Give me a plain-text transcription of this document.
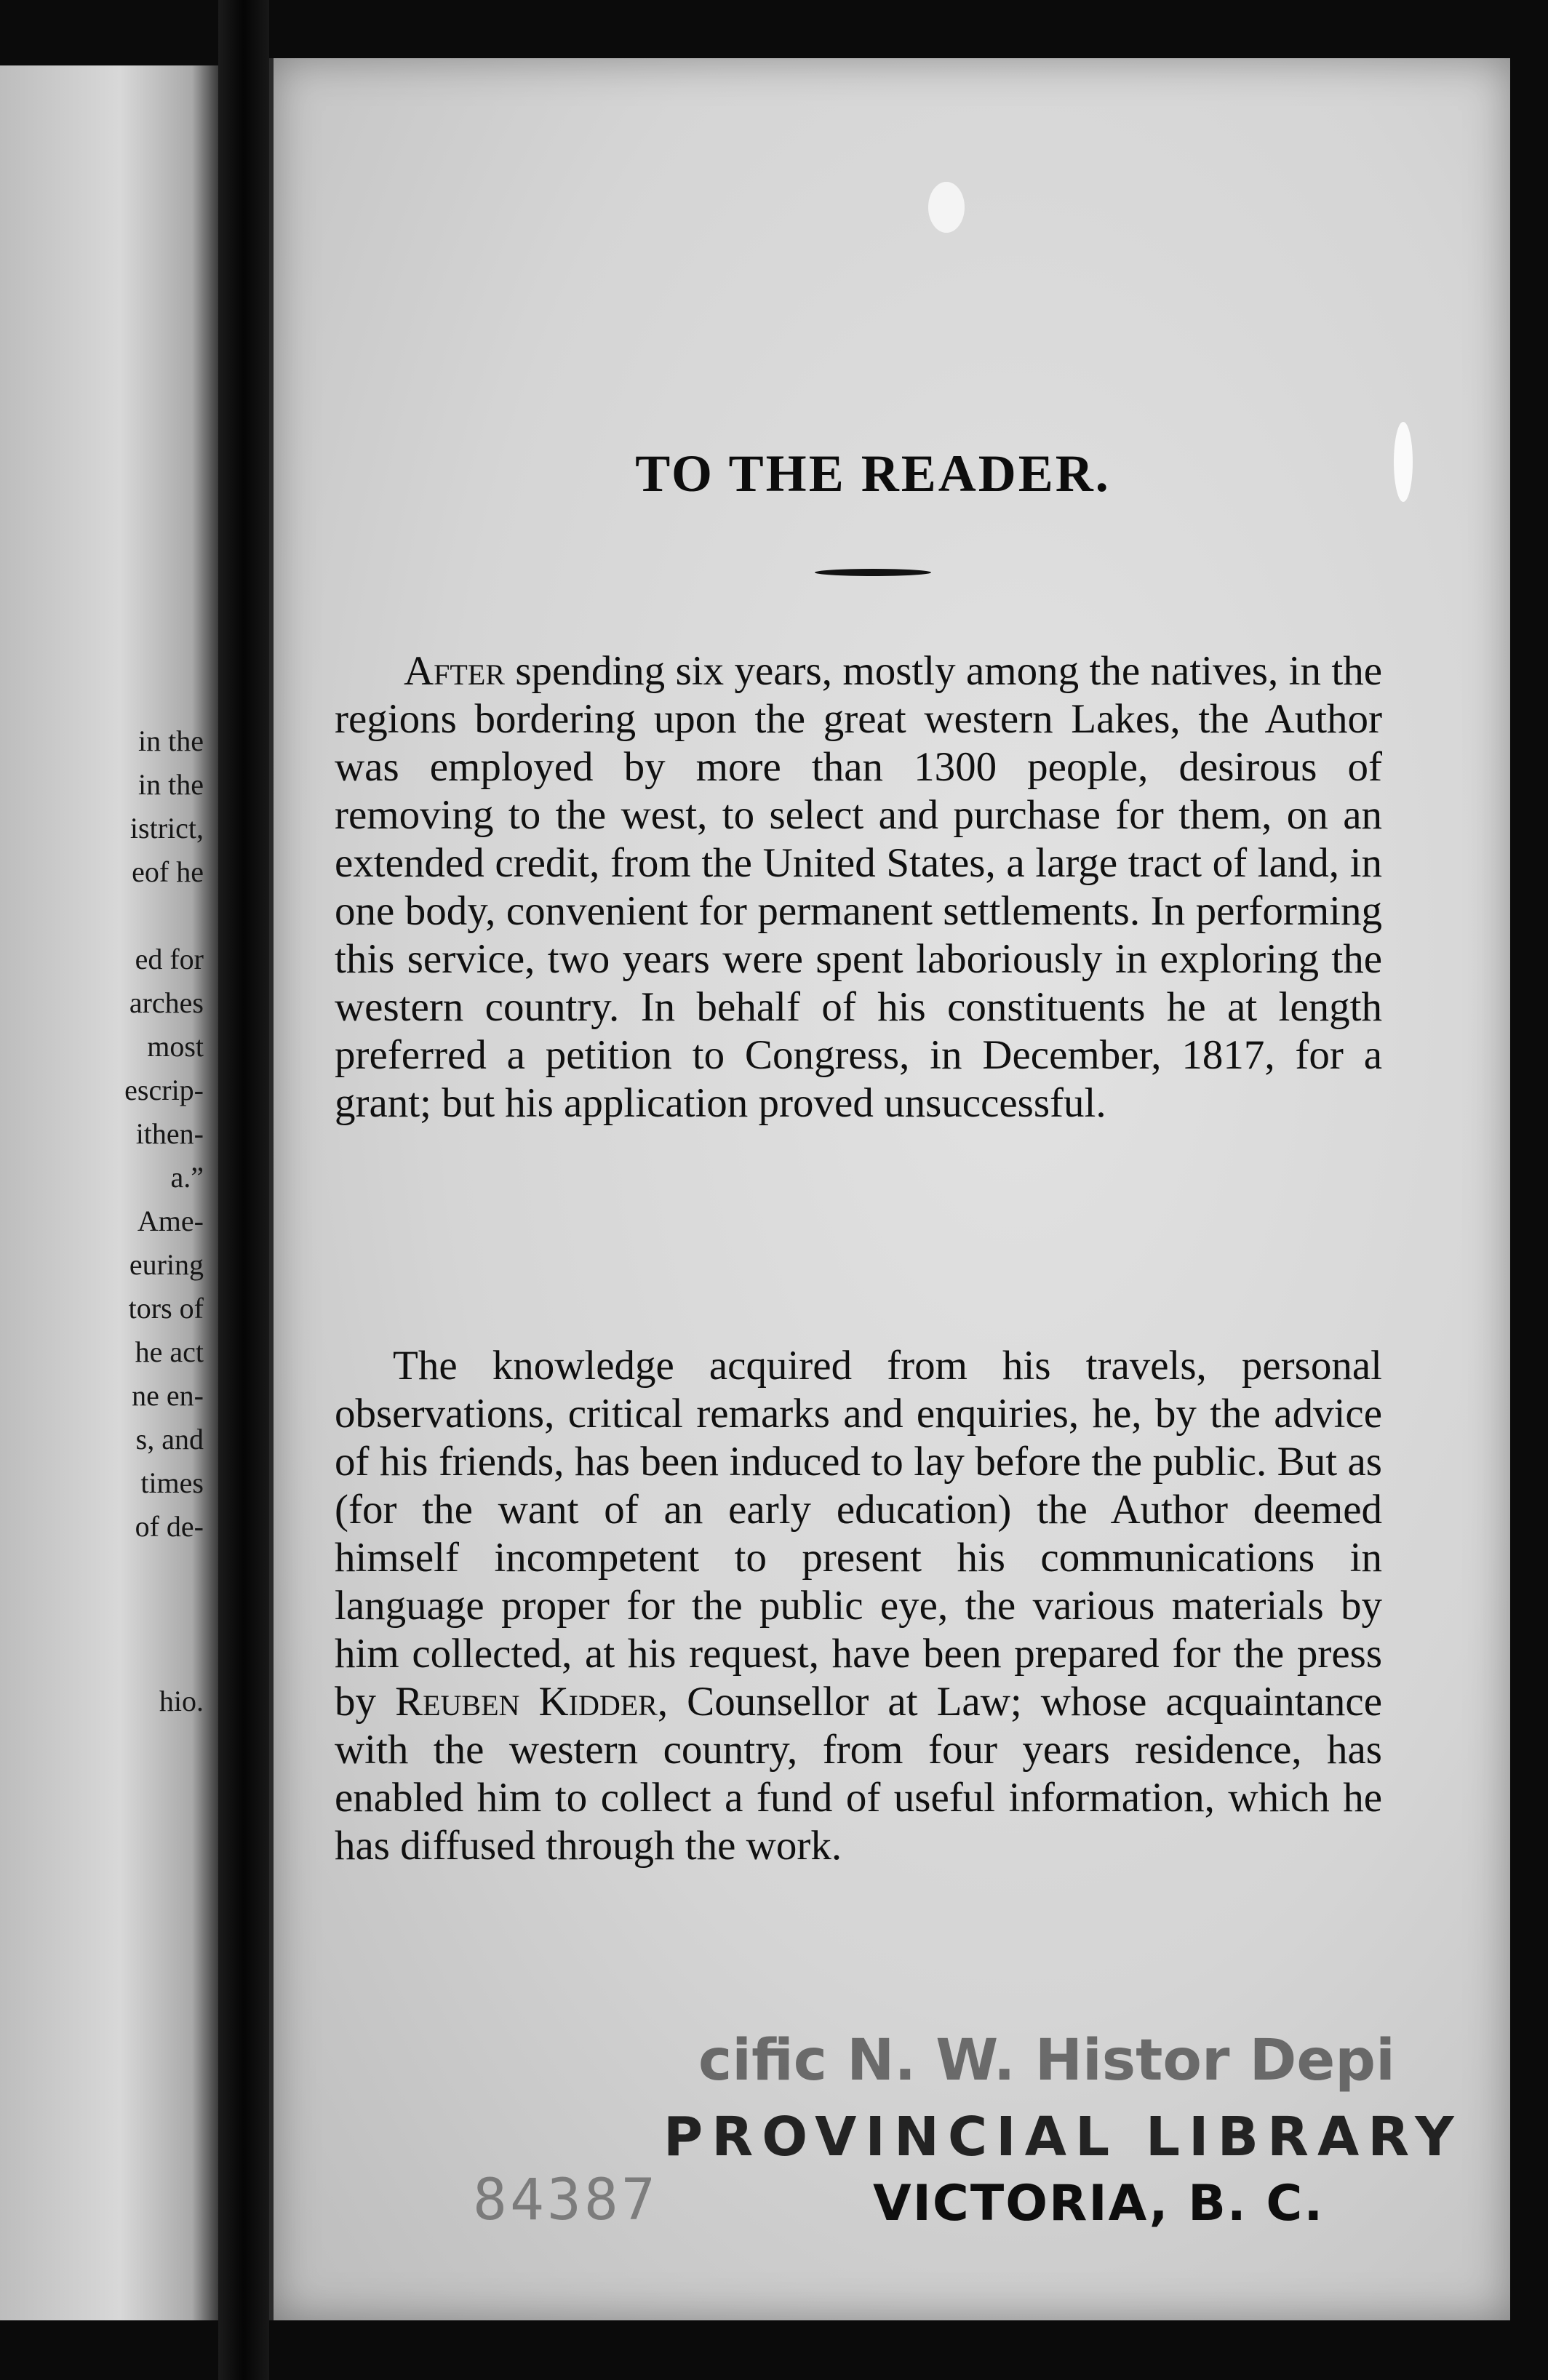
in the
in the
istrict,
eof he
ed for
arches
most
escrip-
ithen-
a.”
Ame-
euring
tors of
he act
ne en-
s, and
times
of de-
hio.
TO THE READER.

After spending six years, mostly among the natives, in the regions bordering upon the great western Lakes, the Author was employed by more than 1300 people, desirous of removing to the west, to select and purchase for them, on an extended credit, from the United States, a large tract of land, in one body, convenient for permanent settlements. In performing this service, two years were spent laboriously in exploring the western country. In behalf of his constituents he at length preferred a petition to Congress, in December, 1817, for a grant; but his application proved unsuccessful.

The knowledge acquired from his travels, personal observations, critical remarks and enquiries, he, by the advice of his friends, has been induced to lay before the public. But as (for the want of an early education) the Author deemed himself incompetent to present his communications in language proper for the public eye, the various materials by him collected, at his request, have been prepared for the press by Reuben Kidder, Counsellor at Law; whose acquaintance with the western country, from four years residence, has enabled him to collect a fund of useful information, which he has diffused through the work.

cific N. W. Histor Depi
PROVINCIAL LIBRARY
VICTORIA, B. C.
84387
